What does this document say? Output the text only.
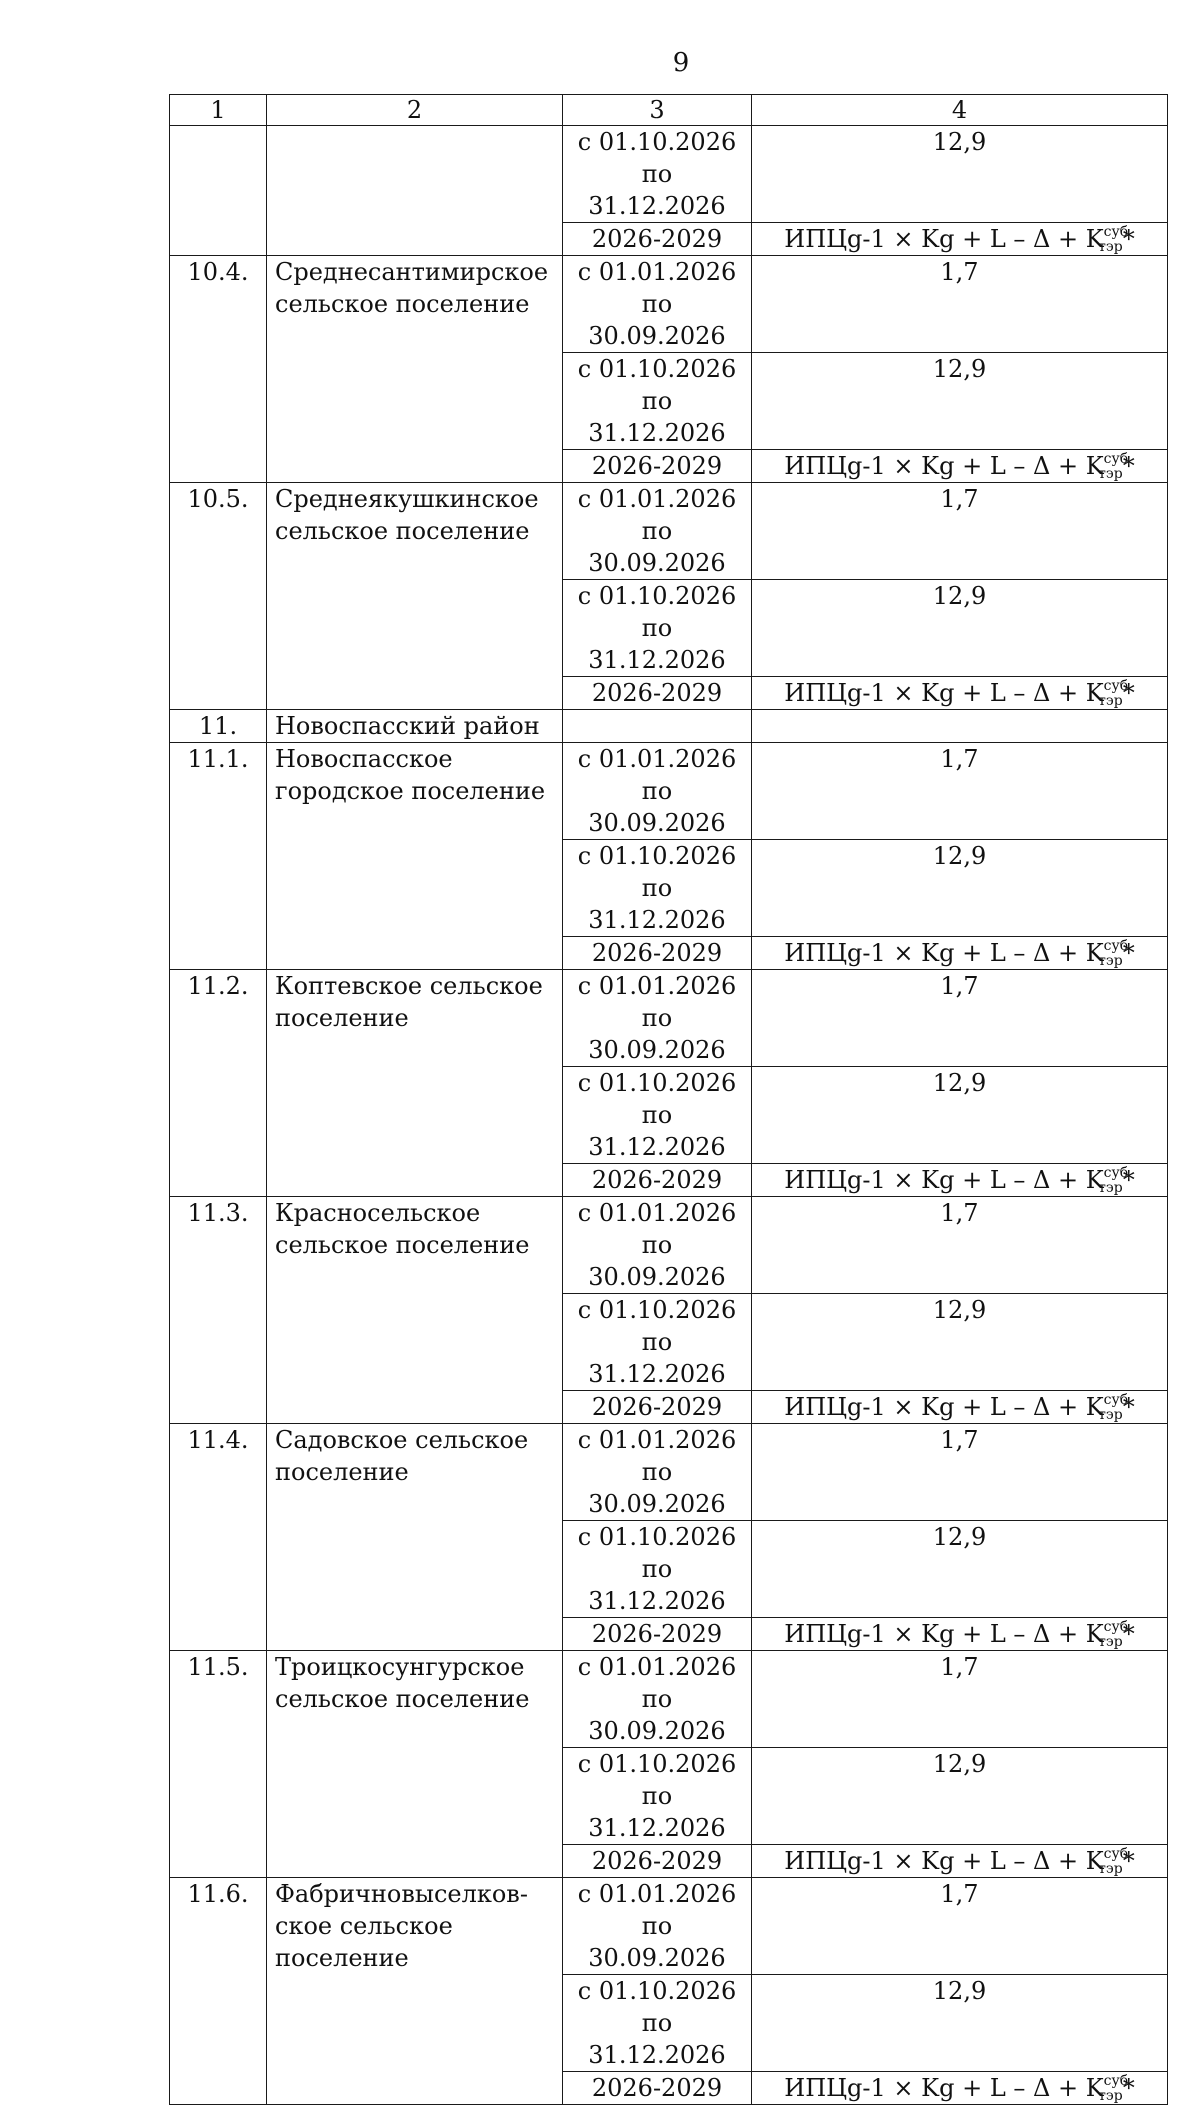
9
1	2	3	4
		с 01.10.2026 по 31.12.2026	12,9
		2026-2029	ИПЦg-1 × $Kg + L - \Delta + K^{суб}_{тэр}*$
10.4.	Среднесантимирское сельское поселение	с 01.01.2026 по 30.09.2026	1,7
		с 01.10.2026 по 31.12.2026	12,9
		2026-2029	ИПЦg-1 × $Kg + L - \Delta + K^{суб}_{тэр}*$
10.5.	Среднеякушкинское сельское поселение	с 01.01.2026 по 30.09.2026	1,7
		с 01.10.2026 по 31.12.2026	12,9
		2026-2029	ИПЦg-1 × $Kg + L - \Delta + K^{суб}_{тэр}*$
11.	Новоспасский район		
11.1.	Новоспасское городское поселение	с 01.01.2026 по 30.09.2026	1,7
		с 01.10.2026 по 31.12.2026	12,9
		2026-2029	ИПЦg-1 × $Kg + L - \Delta + K^{суб}_{тэр}*$
11.2.	Коптевское сельское поселение	с 01.01.2026 по 30.09.2026	1,7
		с 01.10.2026 по 31.12.2026	12,9
		2026-2029	ИПЦg-1 × $Kg + L - \Delta + K^{суб}_{тэр}*$
11.3.	Красносельское сельское поселение	с 01.01.2026 по 30.09.2026	1,7
		с 01.10.2026 по 31.12.2026	12,9
		2026-2029	ИПЦg-1 × $Kg + L - \Delta + K^{суб}_{тэр}*$
11.4.	Садовское сельское поселение	с 01.01.2026 по 30.09.2026	1,7
		с 01.10.2026 по 31.12.2026	12,9
		2026-2029	ИПЦg-1 × $Kg + L - \Delta + K^{суб}_{тэр}*$
11.5.	Троицкосунгурское сельское поселение	с 01.01.2026 по 30.09.2026	1,7
		с 01.10.2026 по 31.12.2026	12,9
		2026-2029	ИПЦg-1 × $Kg + L - \Delta + K^{суб}_{тэр}*$
11.6.	Фабричновыселков-ское сельское поселение	с 01.01.2026 по 30.09.2026	1,7
		с 01.10.2026 по 31.12.2026	12,9
		2026-2029	ИПЦg-1 × $Kg + L - \Delta + K^{суб}_{тэр}*$
